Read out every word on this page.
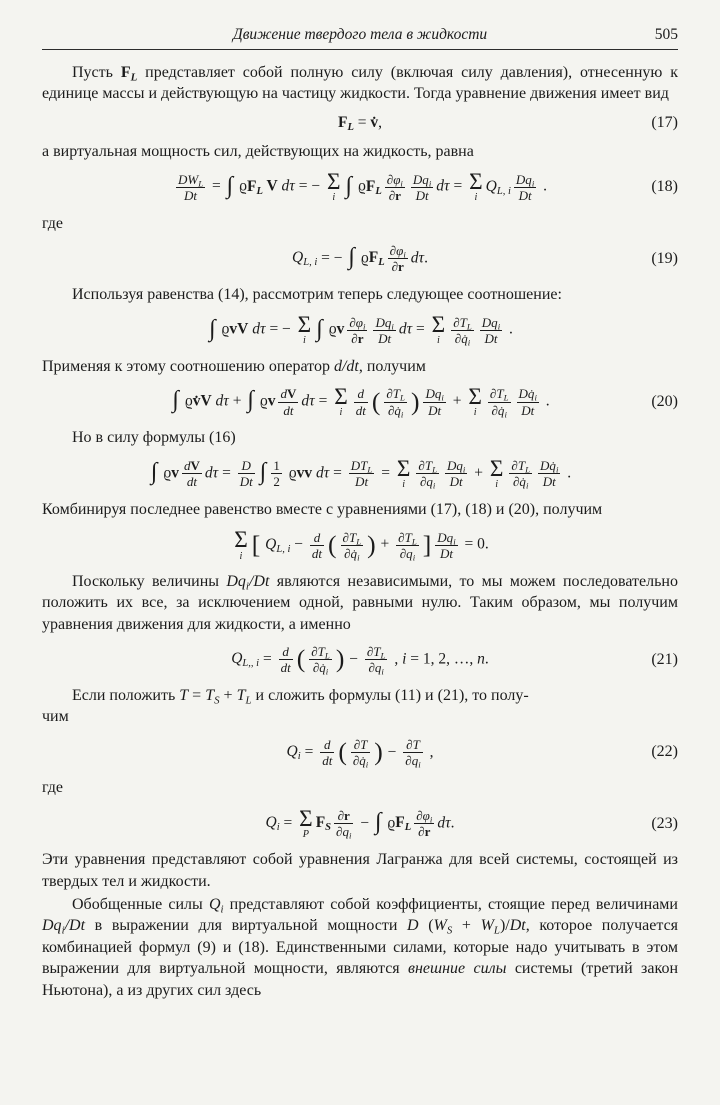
Движение твердого тела в жидкости	505

Пусть $F_L$ представляет собой полную силу (включая силу давления), отнесенную к единице массы и действующую на частицу жидкости. Тогда уравнение движения имеет вид

$F_L$ = v̇,	(17)

а виртуальная мощность сил, действующих на жидкость, равна

$\frac{DW_L}{Dt}$ = ∫ $ϱF_L$ V dτ = − Σ
i ∫ $ϱF_L \frac{\partial\varphi_i}{\partial r} \frac{Dq_i}{Dt}$ dτ = Σ
i
$Q_{L, i} \frac{Dq_i}{Dt}$ .	(18)

где

$Q_{L, i}$ = − ∫ $ϱF_L \frac{\partial\varphi_i}{\partial r} d\tau$.	(19)

Используя равенства (14), рассмотрим теперь следующее соотношение:

∫ ϱvV dτ = − Σ
i ∫ ϱv $\frac{\partial\varphi_i}{\partial r} \frac{Dq_i}{Dt}$ dτ = Σ
i $\frac{\partial T_L}{\partial q̇_i} \frac{Dq_i}{Dt}$ .

Применяя к этому соотношению оператор d/dt, получим

∫ ϱv̇V dτ + ∫ ϱv $\frac{dV}{dt}$ dτ = Σ
i $\frac{d}{dt}$ ( $\frac{\partial T_L}{\partial q̇_i}$ ) $\frac{Dq_i}{Dt} + \Sigma$
i $\frac{\partial T_L}{\partial q̇_i} \frac{Dq̇_i}{Dt}$ .	(20)

Но в силу формулы (16)

∫ ϱv $\frac{dV}{dt}$ $d\tau = \frac{D}{Dt}$ ∫ $\frac{1}{2}$ ϱvv $d\tau = \frac{DT_L}{Dt} = \Sigma$
i $\frac{\partial T_L}{\partial q_i} \frac{Dq_i}{Dt} + \Sigma$
i $\frac{\partial T_L}{\partial q̇_i} \frac{Dq̇_i}{Dt}$ .

Комбинируя последнее равенство вместе с уравнениями (17), (18) и (20), получим

Σ
i [ $Q_{L, i} - \frac{d}{dt}$ ( $\frac{\partial T_L}{\partial q̇_i}$ ) + $\frac{\partial T_L}{\partial q_i}$ ] $\frac{Dq_i}{Dt} = 0$.

Поскольку величины $Dq_i/Dt$ являются независимыми, то мы можем последовательно положить их все, за исключением одной, равными нулю. Таким образом, мы получим уравнения движения для жидкости, а именно

$Q_{L,, i} = \frac{d}{dt}$ ( $\frac{\partial T_L}{\partial q̇_i}$ ) − $\frac{\partial T_L}{\partial q_i}$ , i = 1, 2, …, n.	(21)

Если положить $T = T_S + T_L$ и сложить формулы (11) и (21), то полу-
чим

$Q_i = \frac{d}{dt}$ ( $\frac{\partial T}{\partial q̇_i}$ ) − $\frac{\partial T}{\partial q_i}$ ,	(22)

где

$Q_i = \Sigma$
P
$F_S \frac{\partial r}{\partial q_i}$ − ∫ $ϱF_L \frac{\partial\varphi_i}{\partial r} d\tau$.	(23)

Эти уравнения представляют собой уравнения Лагранжа для всей системы, состоящей из твердых тел и жидкости.

Обобщенные силы $Q_i$ представляют собой коэффициенты, стоящие перед величинами $Dq_i/Dt$ в выражении для виртуальной мощности D $(W_S + W_L)/Dt$, которое получается комбинацией формул (9) и (18). Единственными силами, которые надо учитывать в этом выражении для виртуальной мощности, являются внешние силы системы (третий закон Ньютона), а из других сил здесь
